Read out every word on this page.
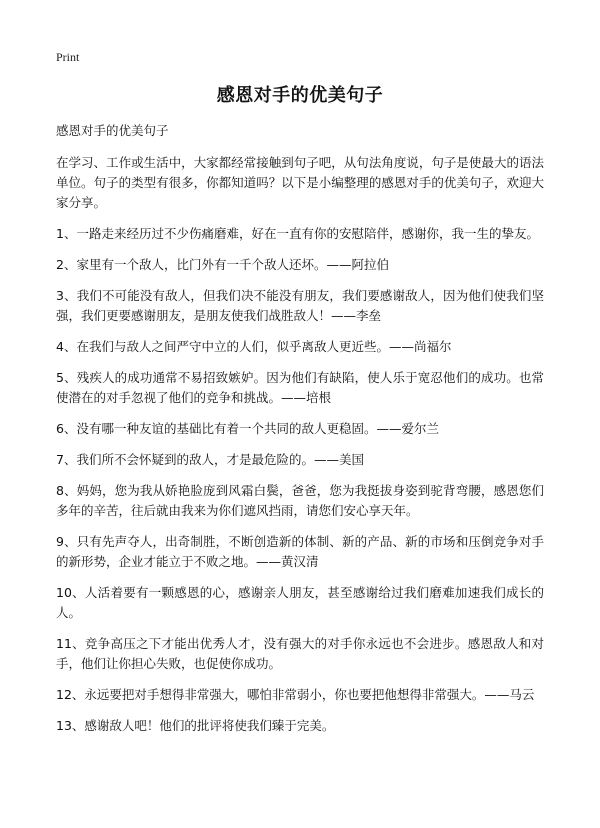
Print
感恩对手的优美句子

感恩对手的优美句子

在学习、工作或生活中，大家都经常接触到句子吧，从句法角度说，句子是使最大的语法单位。句子的类型有很多，你都知道吗？以下是小编整理的感恩对手的优美句子，欢迎大家分享。

1、一路走来经历过不少伤痛磨难，好在一直有你的安慰陪伴，感谢你，我一生的挚友。

2、家里有一个敌人，比门外有一千个敌人还坏。——阿拉伯

3、我们不可能没有敌人，但我们决不能没有朋友，我们要感谢敌人，因为他们使我们坚强，我们更要感谢朋友，是朋友使我们战胜敌人！——李垒

4、在我们与敌人之间严守中立的人们，似乎离敌人更近些。——尚福尔

5、残疾人的成功通常不易招致嫉妒。因为他们有缺陷，使人乐于宽忍他们的成功。也常使潜在的对手忽视了他们的竞争和挑战。——培根

6、没有哪一种友谊的基础比有着一个共同的敌人更稳固。——爱尔兰

7、我们所不会怀疑到的敌人，才是最危险的。——美国

8、妈妈，您为我从娇艳脸庞到风霜白鬓，爸爸，您为我挺拔身姿到驼背弯腰，感恩您们多年的辛苦，往后就由我来为你们遮风挡雨，请您们安心享天年。

9、只有先声夺人，出奇制胜，不断创造新的体制、新的产品、新的市场和压倒竞争对手的新形势，企业才能立于不败之地。——黄汉清

10、人活着要有一颗感恩的心，感谢亲人朋友，甚至感谢给过我们磨难加速我们成长的人。

11、竞争高压之下才能出优秀人才，没有强大的对手你永远也不会进步。感恩敌人和对手，他们让你担心失败，也促使你成功。

12、永远要把对手想得非常强大，哪怕非常弱小，你也要把他想得非常强大。——马云

13、感谢敌人吧！他们的批评将使我们臻于完美。
